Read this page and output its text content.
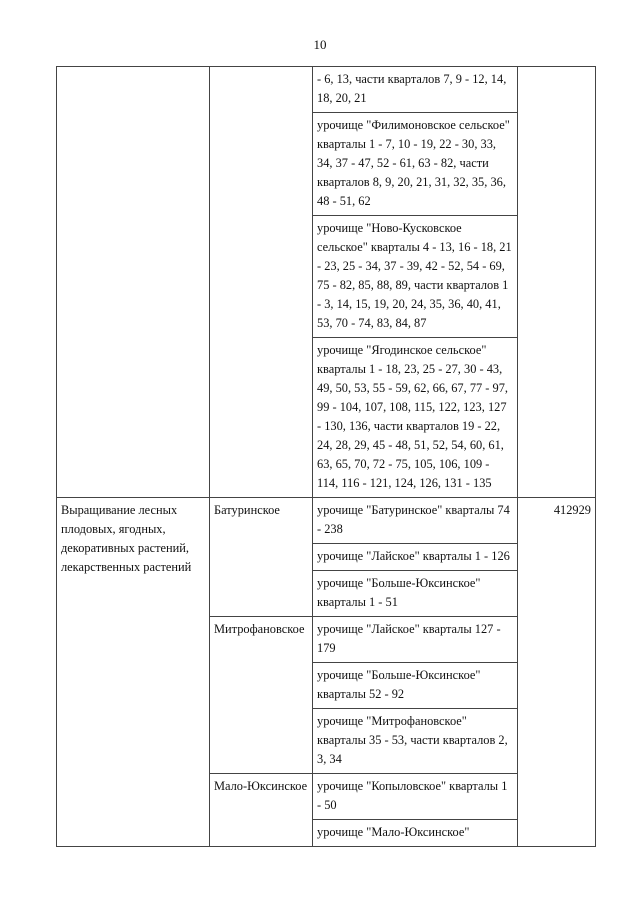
10
		- 6, 13, части кварталов 7, 9 - 12, 14, 18, 20, 21	
		урочище "Филимоновское сельское" кварталы 1 - 7, 10 - 19, 22 - 30, 33, 34, 37 - 47, 52 - 61, 63 - 82, части кварталов 8, 9, 20, 21, 31, 32, 35, 36, 48 - 51, 62	
		урочище "Ново-Кусковское сельское" кварталы 4 - 13, 16 - 18, 21 - 23, 25 - 34, 37 - 39, 42 - 52, 54 - 69, 75 - 82, 85, 88, 89, части кварталов 1 - 3, 14, 15, 19, 20, 24, 35, 36, 40, 41, 53, 70 - 74, 83, 84, 87	
		урочище "Ягодинское сельское" кварталы 1 - 18, 23, 25 - 27, 30 - 43, 49, 50, 53, 55 - 59, 62, 66, 67, 77 - 97, 99 - 104, 107, 108, 115, 122, 123, 127 - 130, 136, части кварталов 19 - 22, 24, 28, 29, 45 - 48, 51, 52, 54, 60, 61, 63, 65, 70, 72 - 75, 105, 106, 109 - 114, 116 - 121, 124, 126, 131 - 135	
Выращивание лесных плодовых, ягодных, декоративных растений, лекарственных растений	Батуринское	урочище "Батуринское" кварталы 74 - 238	412929
		урочище "Лайское" кварталы 1 - 126	
		урочище "Больше-Юксинское" кварталы 1 - 51	
	Митрофановское	урочище "Лайское" кварталы 127 - 179	
		урочище "Больше-Юксинское" кварталы 52 - 92	
		урочище "Митрофановское" кварталы 35 - 53, части кварталов 2, 3, 34	
	Мало-Юксинское	урочище "Копыловское" кварталы 1 - 50	
		урочище "Мало-Юксинское"	
